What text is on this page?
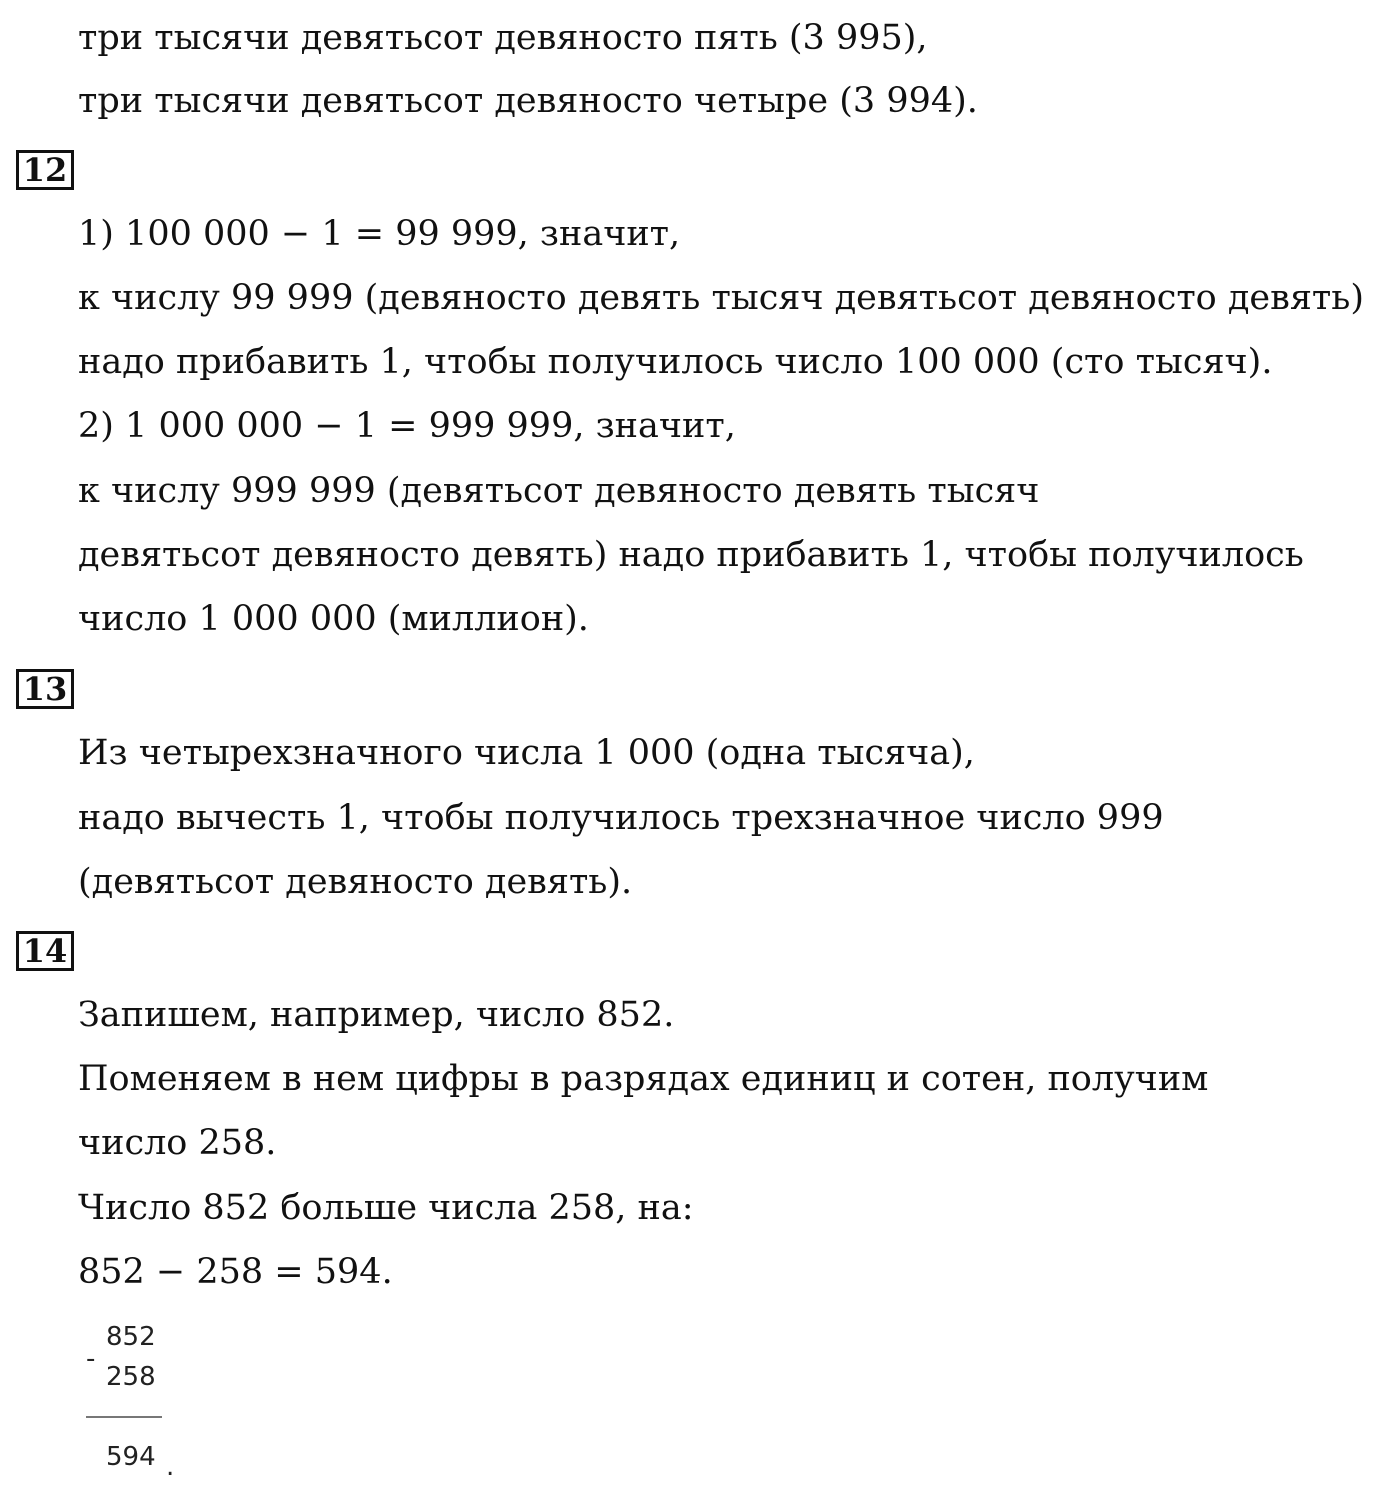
три тысячи девятьсот девяносто пять (3 995),
три тысячи девятьсот девяносто четыре (3 994).
12
1) 100 000 − 1 = 99 999, значит,
к числу 99 999 (девяносто девять тысяч девятьсот девяносто девять)
надо прибавить 1, чтобы получилось число 100 000 (сто тысяч).
2) 1 000 000 − 1 = 999 999, значит,
к числу 999 999 (девятьсот девяносто девять тысяч
девятьсот девяносто девять) надо прибавить 1, чтобы получилось
число 1 000 000 (миллион).
13
Из четырехзначного числа 1 000 (одна тысяча),
надо вычесть 1, чтобы получилось трехзначное число 999
(девятьсот девяносто девять).
14
Запишем, например, число 852.
Поменяем в нем цифры в разрядах единиц и сотен, получим
число 258.
Число 852 больше числа 258, на:
852 − 258 = 594.
852
-
258
594 .
